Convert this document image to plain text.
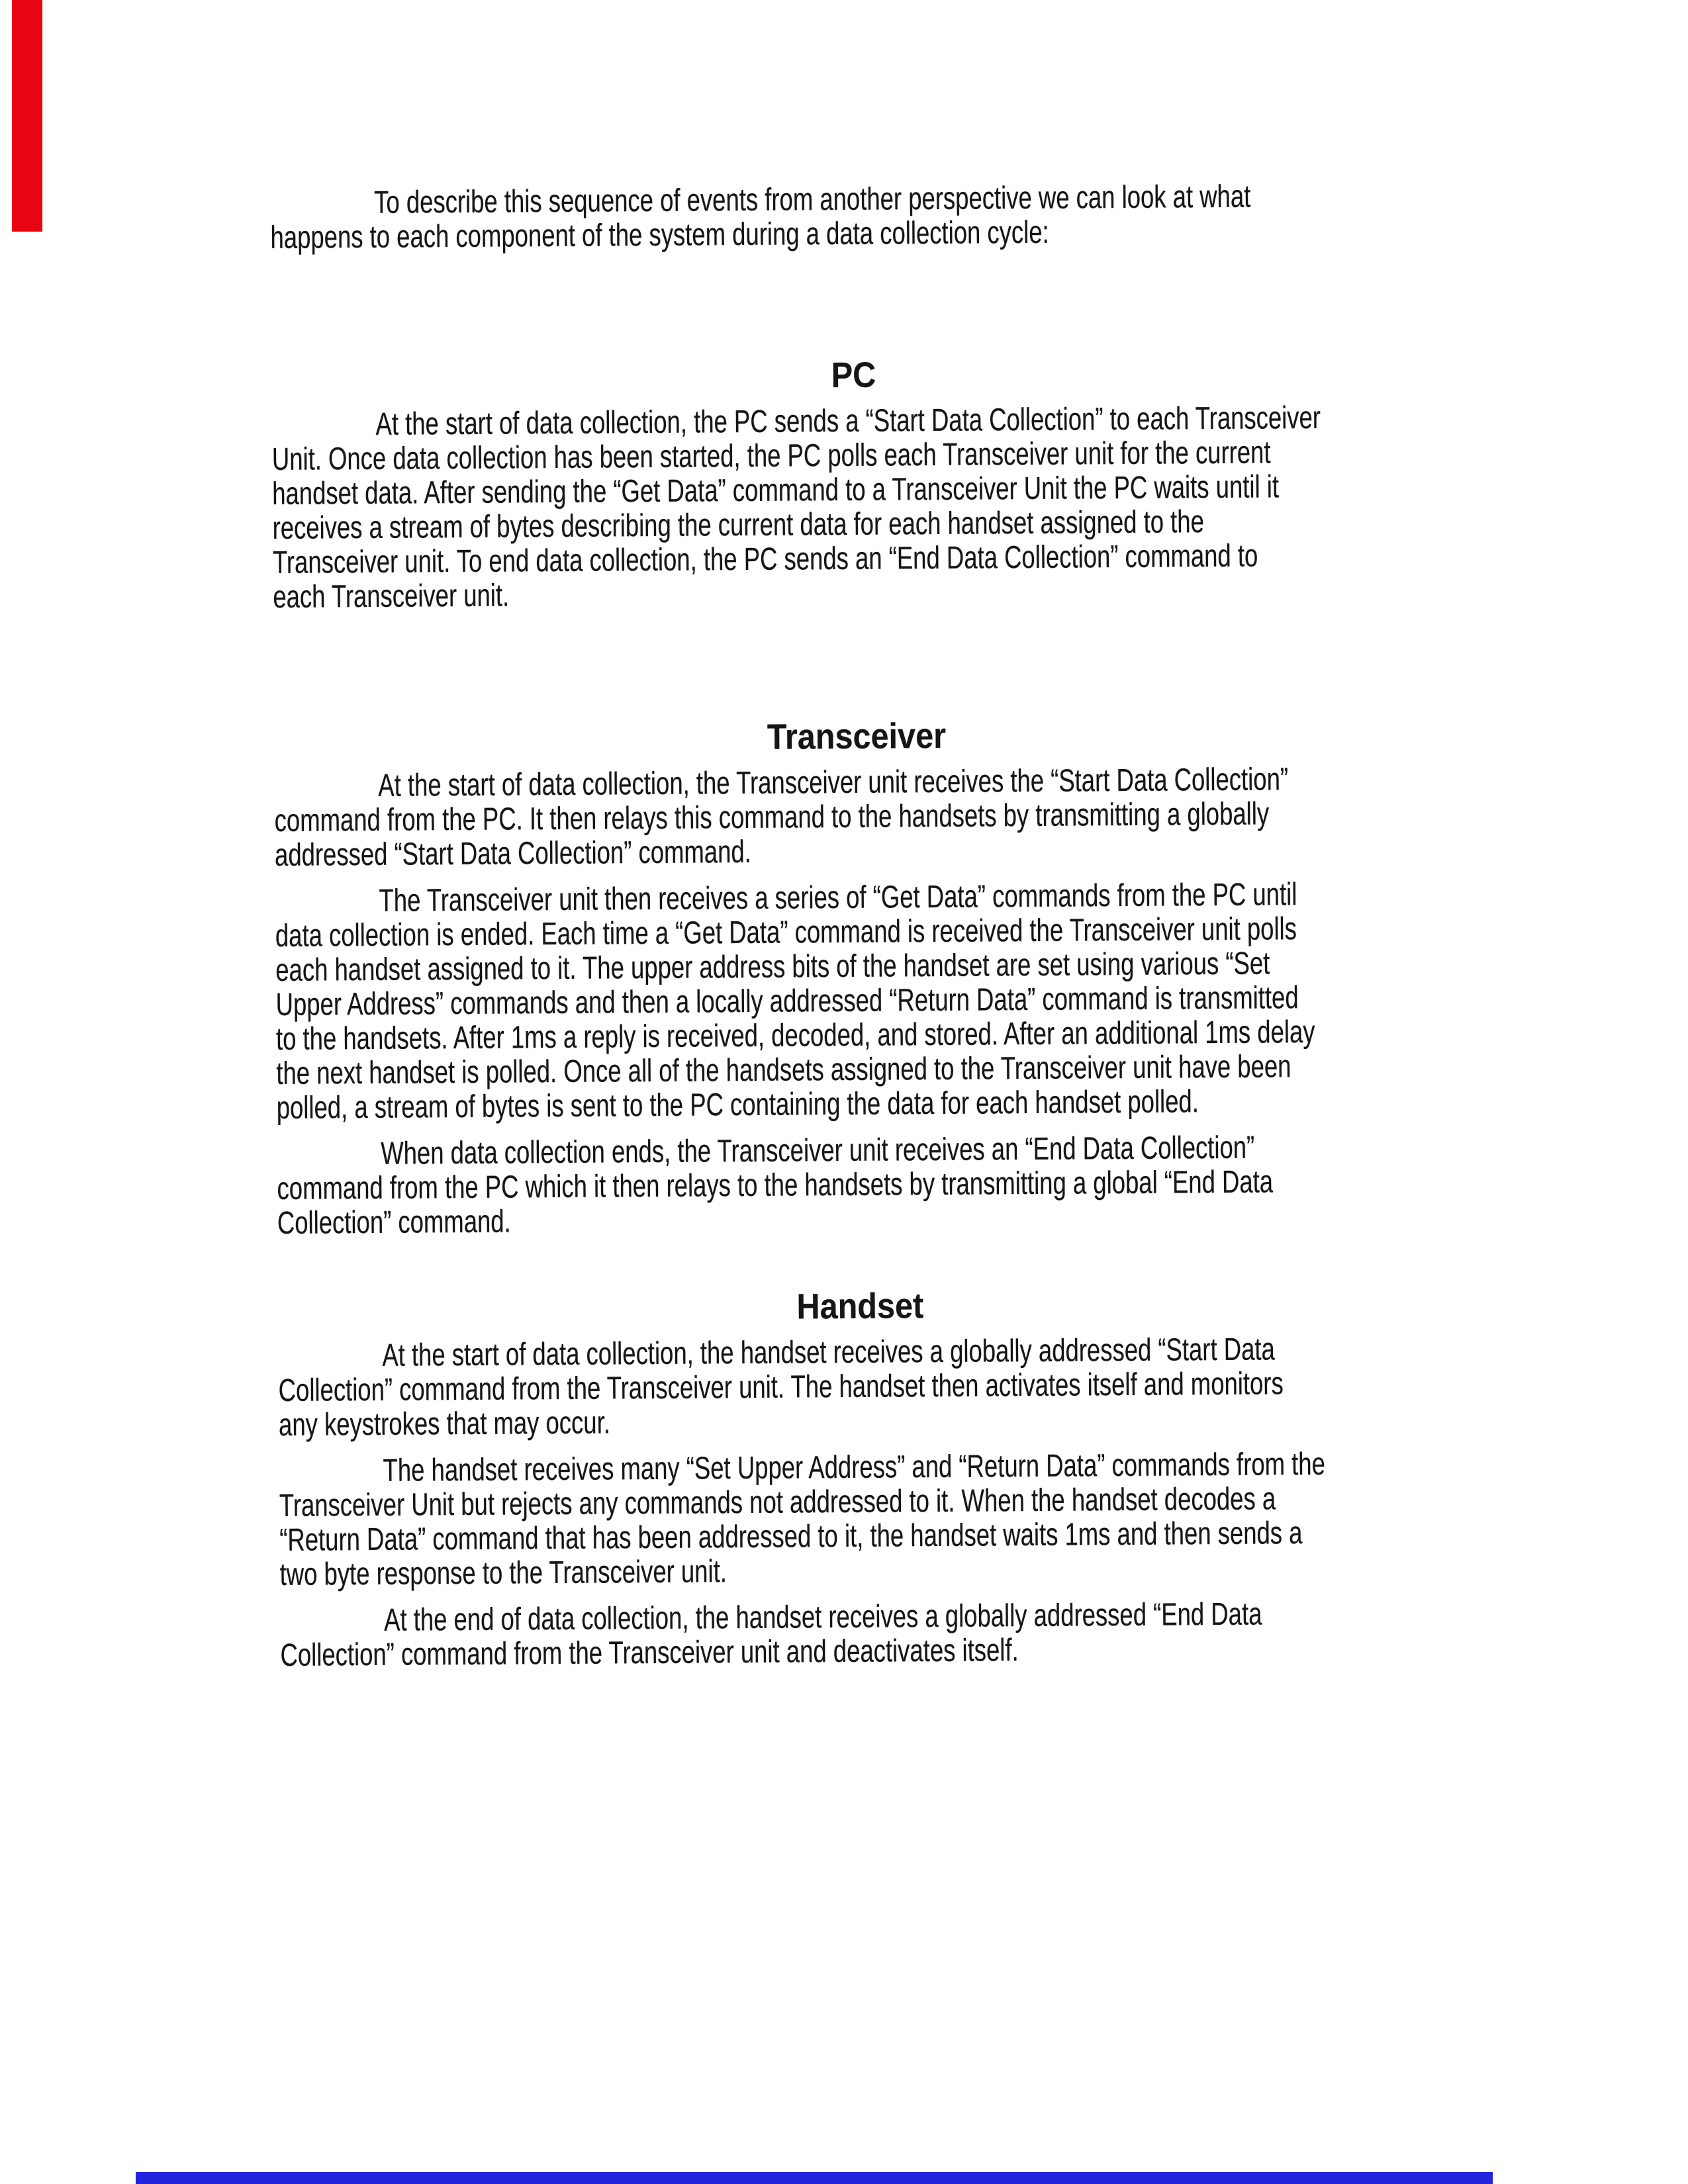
To describe this sequence of events from another perspective we can look at what
happens to each component of the system during a data collection cycle:
PC
At the start of data collection, the PC sends a “Start Data Collection” to each Transceiver
Unit. Once data collection has been started, the PC polls each Transceiver unit for the current
handset data. After sending the “Get Data” command to a Transceiver Unit the PC waits until it
receives a stream of bytes describing the current data for each handset assigned to the
Transceiver unit. To end data collection, the PC sends an “End Data Collection” command to
each Transceiver unit.
Transceiver
At the start of data collection, the Transceiver unit receives the “Start Data Collection”
command from the PC. It then relays this command to the handsets by transmitting a globally
addressed “Start Data Collection” command.
The Transceiver unit then receives a series of “Get Data” commands from the PC until
data collection is ended. Each time a “Get Data” command is received the Transceiver unit polls
each handset assigned to it. The upper address bits of the handset are set using various “Set
Upper Address” commands and then a locally addressed “Return Data” command is transmitted
to the handsets. After 1ms a reply is received, decoded, and stored. After an additional 1ms delay
the next handset is polled. Once all of the handsets assigned to the Transceiver unit have been
polled, a stream of bytes is sent to the PC containing the data for each handset polled.
When data collection ends, the Transceiver unit receives an “End Data Collection”
command from the PC which it then relays to the handsets by transmitting a global “End Data
Collection” command.
Handset
At the start of data collection, the handset receives a globally addressed “Start Data
Collection” command from the Transceiver unit. The handset then activates itself and monitors
any keystrokes that may occur.
The handset receives many “Set Upper Address” and “Return Data” commands from the
Transceiver Unit but rejects any commands not addressed to it. When the handset decodes a
“Return Data” command that has been addressed to it, the handset waits 1ms and then sends a
two byte response to the Transceiver unit.
At the end of data collection, the handset receives a globally addressed “End Data
Collection” command from the Transceiver unit and deactivates itself.
